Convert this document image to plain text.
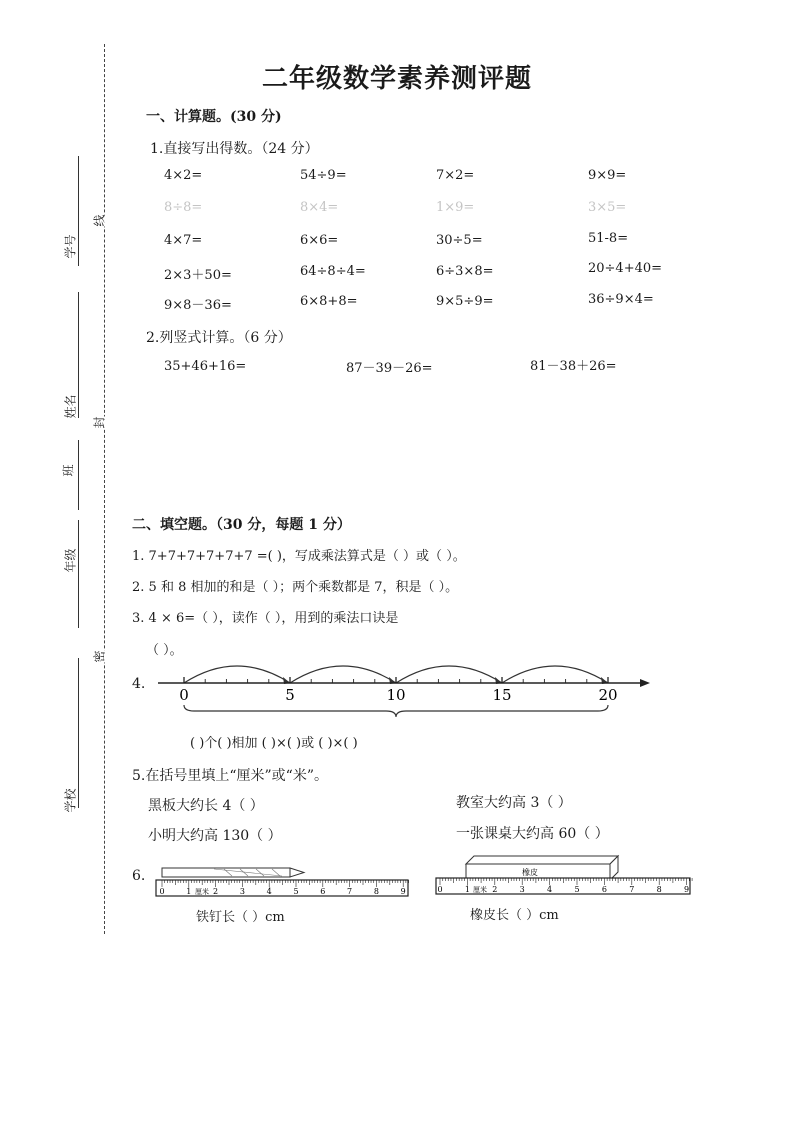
学号
姓名
班
年级
学校
线
封
密
二年级数学素养测评题
一、计算题。(30 分)
1.直接写出得数。（24 分）
4×2=	54÷9=	7×2=	9×9=
8÷8=	8×4=	1×9=	3×5=
4×7=	6×6=	30÷5=	51-8=
2×3＋50=	64÷8÷4=	6÷3×8=	20÷4+40=
9×8－36=	6×8+8=	9×5÷9=	36÷9×4=
2.列竖式计算。（6 分）
35+46+16=	87－39－26=	81－38＋26=
二、填空题。（30 分，每题 1 分）
1. 7+7+7+7+7+7 =( )，写成乘法算式是（ ）或（ ）。
2. 5 和 8 相加的和是（ ）；两个乘数都是 7，积是（ ）。
3. 4 × 6=（ ），读作（ ），用到的乘法口诀是
（ ）。
4.
0	5	10	15	20
( )个( )相加 ( )×( )或 ( )×( )
5.在括号里填上“厘米”或“米”。
黑板大约长 4（ ）	教室大约高 3（ ）
小明大约高 130（ ）	一张课桌大约高 60（ ）
6.
0	1 厘米 2	3	4	5	6	7	8	9
铁钉长（ ）cm
橡皮
0	1 厘米 2	3	4	5	6	7	8	9
橡皮长（ ）cm
